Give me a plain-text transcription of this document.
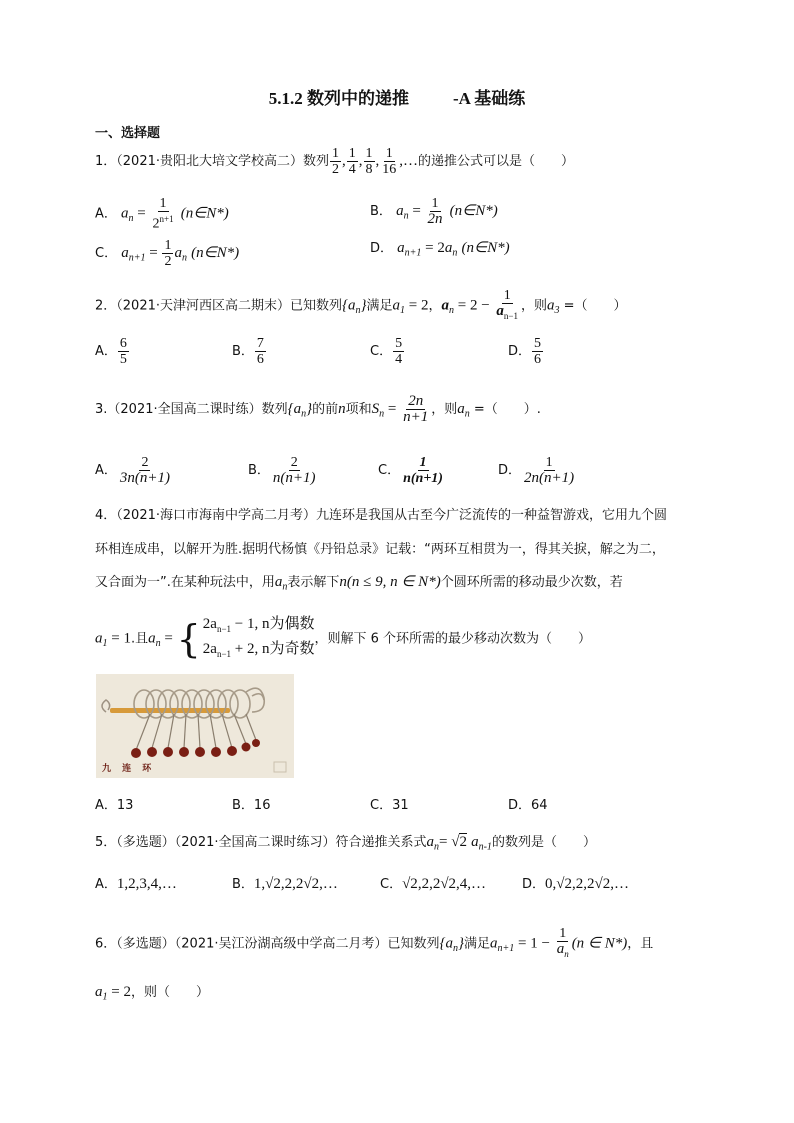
5.1.2 数列中的递推	-A 基础练
一、选择题
1．（2021·贵阳北大培文学校高二）数列 $\frac{1}{2}$ , $\frac{1}{4}$ , $\frac{1}{8}$ , $\frac{1}{16}$ ,…的递推公式可以是（　　）
A． $a_n = \frac{1}{2^{n+1}}$ (n∈N*)	B． $a_n = \frac{1}{2n}$ (n∈N*)
C． $a_{n+1} = \frac{1}{2} a_n$ (n∈N*)	D． $a_{n+1} = 2a_n$ (n∈N*)
2．（2021·天津河西区高二期末）已知数列$\{a_n\}$满足$a_1 = 2$，$a_n = 2 - \frac{1}{a_{n-1}}$ ，则$a_3$ =（　　）
A． $\frac{6}{5}$	B． $\frac{7}{6}$	C． $\frac{5}{4}$	D． $\frac{5}{6}$
3.（2021·全国高二课时练）数列$\{a_n\}$的前n项和$S_n = \frac{2n}{n+1}$ ，则$a_n$ =（　　）.
A． $\frac{2}{3n(n+1)}$	B． $\frac{2}{n(n+1)}$	C． $\frac{1}{n(n+1)}$	D． $\frac{1}{2n(n+1)}$
4．（2021·海口市海南中学高二月考）九连环是我国从古至今广泛流传的一种益智游戏，它用九个圆
环相连成串，以解开为胜.据明代杨慎《丹铅总录》记载：“两环互相贯为一，得其关捩，解之为二，
又合面为一”.在某种玩法中，用$a_n$表示解下n(n ≤ 9, n ∈ N*)个圆环所需的移动最少次数，若
$a_1 = 1$.且$a_n$ = { $2a_{n-1} - 1$, n为偶数
$2a_{n-1} + 2$, n为奇数
，则解下 6 个环所需的最少移动次数为（　　）
九 连 环
A．13	B．16	C．31	D．64
5．（多选题）（2021·全国高二课时练习）符合递推关系式$a_n= √2$ $a_{n-1}$的数列是（　　）
A．1,2,3,4,…	B．1,√2,2,2√2,…	C．√2,2,2√2,4,…	D．0,√2,2,2√2,…
6．（多选题）（2021·吴江汾湖高级中学高二月考）已知数列$\{a_n\}$满足$a_{n+1} = 1 - \frac{1}{a_n} (n$ ∈ N*)，且
$a_1 = 2$，则（　　）
